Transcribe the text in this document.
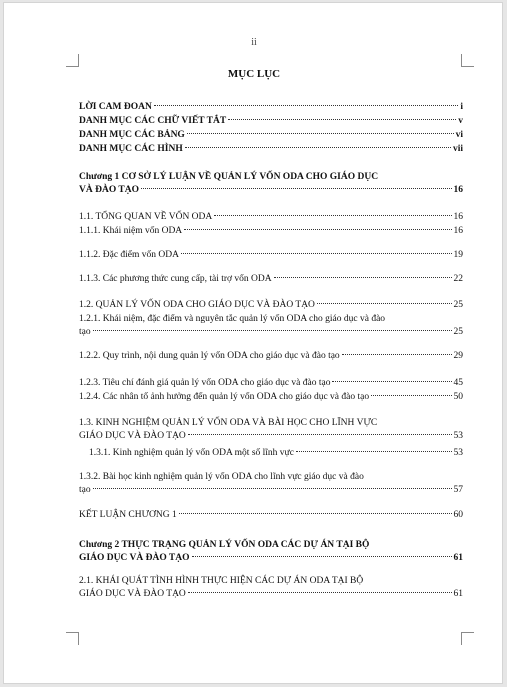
ii
MỤC LỤC
LỜI CAM ĐOAN	i
DANH MỤC CÁC CHỮ VIẾT TẮT	v
DANH MỤC CÁC BẢNG	vi
DANH MỤC CÁC HÌNH	vii
Chương 1 CƠ SỞ LÝ LUẬN VỀ QUẢN LÝ VỐN ODA CHO GIÁO DỤC
VÀ ĐÀO TẠO	16
1.1. TỔNG QUAN VỀ VỐN ODA	16
1.1.1. Khái niệm vốn ODA	16
1.1.2. Đặc điểm vốn ODA	19
1.1.3. Các phương thức cung cấp, tài trợ vốn ODA	22
1.2. QUẢN LÝ VỐN ODA CHO GIÁO DỤC VÀ ĐÀO TẠO	25
1.2.1. Khái niệm, đặc điểm và nguyên tắc quản lý vốn ODA cho giáo dục và đào
tạo	25
1.2.2. Quy trình, nội dung quản lý vốn ODA cho giáo dục và đào tạo	29
1.2.3. Tiêu chí đánh giá quản lý vốn ODA cho giáo dục và đào tạo	45
1.2.4. Các nhân tố ảnh hưởng đến quản lý vốn ODA cho giáo dục và đào tạo	50
1.3. KINH NGHIỆM QUẢN LÝ VỐN ODA VÀ BÀI HỌC CHO LĨNH VỰC
GIÁO DỤC VÀ ĐÀO TẠO	53
1.3.1. Kinh nghiệm quản lý vốn ODA một số lĩnh vực	53
1.3.2. Bài học kinh nghiệm quản lý vốn ODA cho lĩnh vực giáo dục và đào
tạo	57
KẾT LUẬN CHƯƠNG 1	60
Chương 2 THỰC TRẠNG QUẢN LÝ VỐN ODA CÁC DỰ ÁN TẠI BỘ
GIÁO DỤC VÀ ĐÀO TẠO	61
2.1. KHÁI QUÁT TÌNH HÌNH THỰC HIỆN CÁC DỰ ÁN ODA TẠI BỘ
GIÁO DỤC VÀ ĐÀO TẠO	61
